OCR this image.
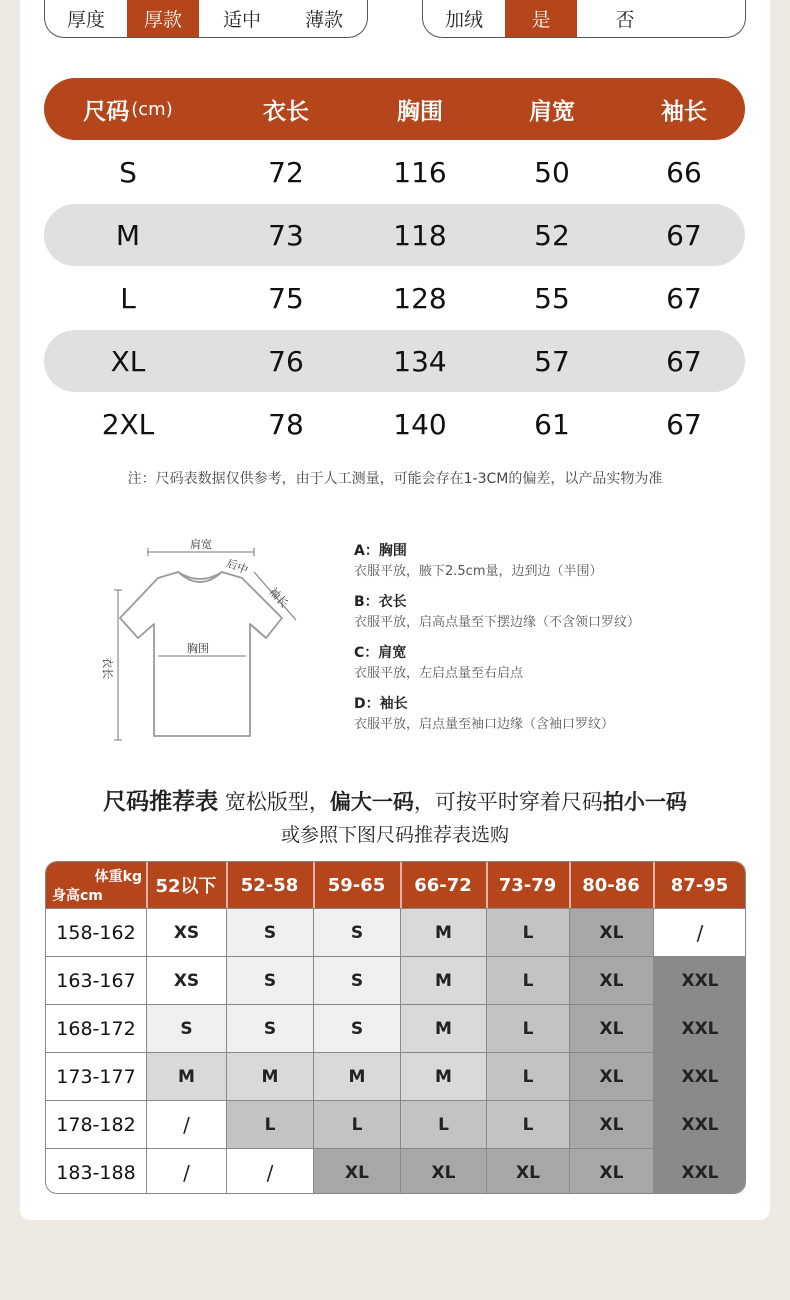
厚度	厚款	适中	薄款	加绒	是	否
尺码 (cm)	衣长	胸围	肩宽	袖长
S	72	116	50	66
M	73	118	52	67
L	75	128	55	67
XL	76	134	57	67
2XL	78	140	61	67
注：尺码表数据仅供参考，由于人工测量，可能会存在1-3CM的偏差，以产品实物为准
肩宽
后中
袖长
胸围
衣长
A：胸围
衣服平放，腋下2.5cm量，边到边（半围）
B：衣长
衣服平放，启高点量至下摆边缘（不含领口罗纹）
C：肩宽
衣服平放，左启点量至右启点
D：袖长
衣服平放，启点量至袖口边缘（含袖口罗纹）
尺码推荐表 宽松版型，偏大一码，可按平时穿着尺码拍小一码
或参照下图尺码推荐表选购
体重kg
身高cm	52以下	52-58	59-65	66-72	73-79	80-86	87-95
158-162	XS	S	S	M	L	XL	/
163-167	XS	S	S	M	L	XL	XXL
168-172	S	S	S	M	L	XL	XXL
173-177	M	M	M	M	L	XL	XXL
178-182	/	L	L	L	L	XL	XXL
183-188	/	/	XL	XL	XL	XL	XXL
